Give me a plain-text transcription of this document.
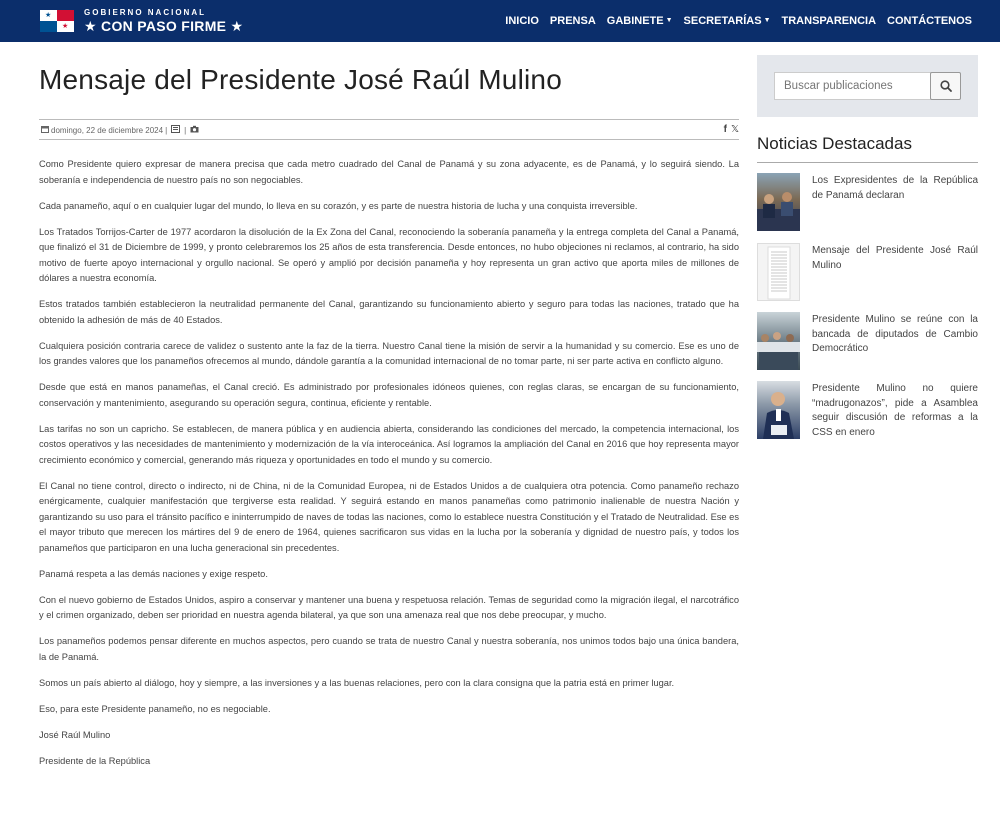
★
★
GOBIERNO NACIONAL
★ CON PASO FIRME ★	INICIO PRENSA GABINETE ▼ SECRETARÍAS ▼ TRANSPARENCIA CONTÁCTENOS
Mensaje del Presidente José Raúl Mulino
domingo, 22 de diciembre 2024 | |	f 𝕏

Como Presidente quiero expresar de manera precisa que cada metro cuadrado del Canal de Panamá y su zona adyacente, es de Panamá, y lo seguirá siendo. La soberanía e independencia de nuestro país no son negociables.

Cada panameño, aquí o en cualquier lugar del mundo, lo lleva en su corazón, y es parte de nuestra historia de lucha y una conquista irreversible.

Los Tratados Torrijos-Carter de 1977 acordaron la disolución de la Ex Zona del Canal, reconociendo la soberanía panameña y la entrega completa del Canal a Panamá, que finalizó el 31 de Diciembre de 1999, y pronto celebraremos los 25 años de esta transferencia. Desde entonces, no hubo objeciones ni reclamos, al contrario, ha sido motivo de fuerte apoyo internacional y orgullo nacional. Se operó y amplió por decisión panameña y hoy representa un gran activo que aporta miles de millones de dólares a nuestra economía.

Estos tratados también establecieron la neutralidad permanente del Canal, garantizando su funcionamiento abierto y seguro para todas las naciones, tratado que ha obtenido la adhesión de más de 40 Estados.

Cualquiera posición contraria carece de validez o sustento ante la faz de la tierra. Nuestro Canal tiene la misión de servir a la humanidad y su comercio. Ese es uno de los grandes valores que los panameños ofrecemos al mundo, dándole garantía a la comunidad internacional de no tomar parte, ni ser parte activa en conflicto alguno.

Desde que está en manos panameñas, el Canal creció. Es administrado por profesionales idóneos quienes, con reglas claras, se encargan de su funcionamiento, conservación y mantenimiento, asegurando su operación segura, continua, eficiente y rentable.

Las tarifas no son un capricho. Se establecen, de manera pública y en audiencia abierta, considerando las condiciones del mercado, la competencia internacional, los costos operativos y las necesidades de mantenimiento y modernización de la vía interoceánica. Así logramos la ampliación del Canal en 2016 que hoy representa mayor crecimiento económico y comercial, generando más riqueza y oportunidades en todo el mundo y su comercio.

El Canal no tiene control, directo o indirecto, ni de China, ni de la Comunidad Europea, ni de Estados Unidos a de cualquiera otra potencia. Como panameño rechazo enérgicamente, cualquier manifestación que tergiverse esta realidad. Y seguirá estando en manos panameñas como patrimonio inalienable de nuestra Nación y garantizando su uso para el tránsito pacífico e ininterrumpido de naves de todas las naciones, como lo establece nuestra Constitución y el Tratado de Neutralidad. Ese es el mayor tributo que merecen los mártires del 9 de enero de 1964, quienes sacrificaron sus vidas en la lucha por la soberanía y dignidad de nuestro país, y todos los panameños que participaron en una lucha generacional sin precedentes.

Panamá respeta a las demás naciones y exige respeto.

Con el nuevo gobierno de Estados Unidos, aspiro a conservar y mantener una buena y respetuosa relación. Temas de seguridad como la migración ilegal, el narcotráfico y el crimen organizado, deben ser prioridad en nuestra agenda bilateral, ya que son una amenaza real que nos debe preocupar, y mucho.

Los panameños podemos pensar diferente en muchos aspectos, pero cuando se trata de nuestro Canal y nuestra soberanía, nos unimos todos bajo una única bandera, la de Panamá.

Somos un país abierto al diálogo, hoy y siempre, a las inversiones y a las buenas relaciones, pero con la clara consigna que la patria está en primer lugar.

Eso, para este Presidente panameño, no es negociable.

José Raúl Mulino

Presidente de la República

Buscar publicaciones
Noticias Destacadas
Los Expresidentes de la República de Panamá declaran
Mensaje del Presidente José Raúl Mulino
Presidente Mulino se reúne con la bancada de diputados de Cambio Democrático
Presidente Mulino no quiere “madrugonazos”, pide a Asamblea seguir discusión de reformas a la CSS en enero
